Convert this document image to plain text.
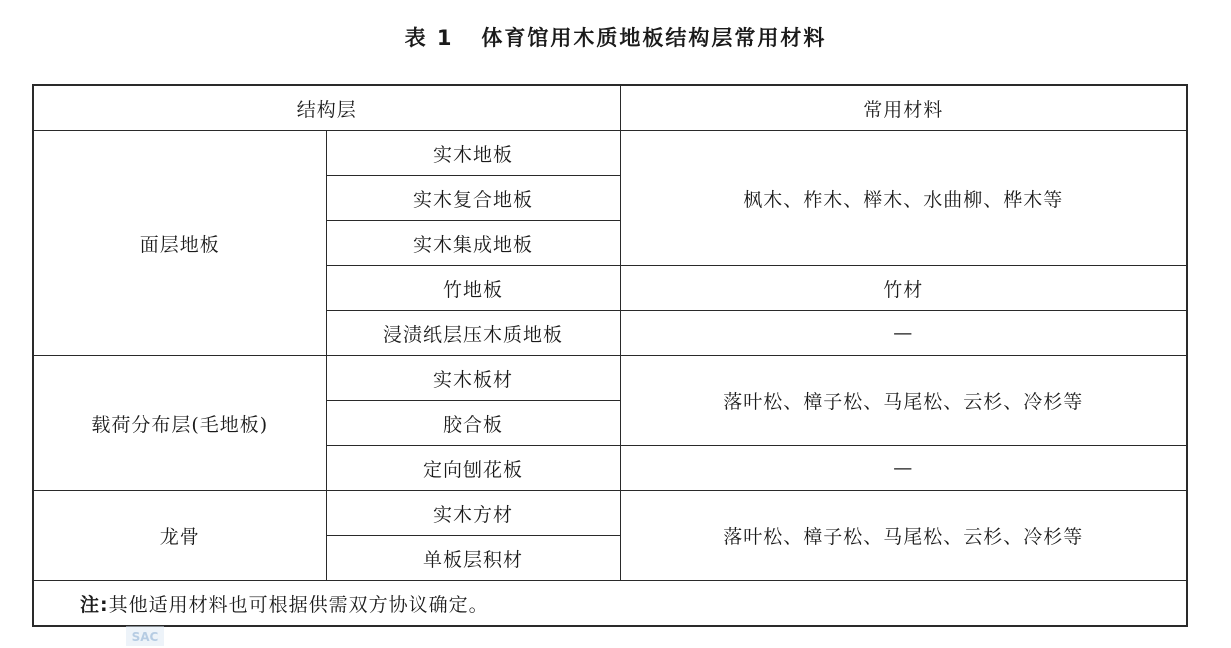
表 1   体育馆用木质地板结构层常用材料
结构层		常用材料
面层地板	实木地板	枫木、柞木、榉木、水曲柳、桦木等
	实木复合地板	
	实木集成地板	
	竹地板	竹材
	浸渍纸层压木质地板	—
载荷分布层(毛地板)	实木板材	落叶松、樟子松、马尾松、云杉、冷杉等
	胶合板	
	定向刨花板	—
龙骨	实木方材	落叶松、樟子松、马尾松、云杉、冷杉等
	单板层积材	
注:其他适用材料也可根据供需双方协议确定。		
SAC
